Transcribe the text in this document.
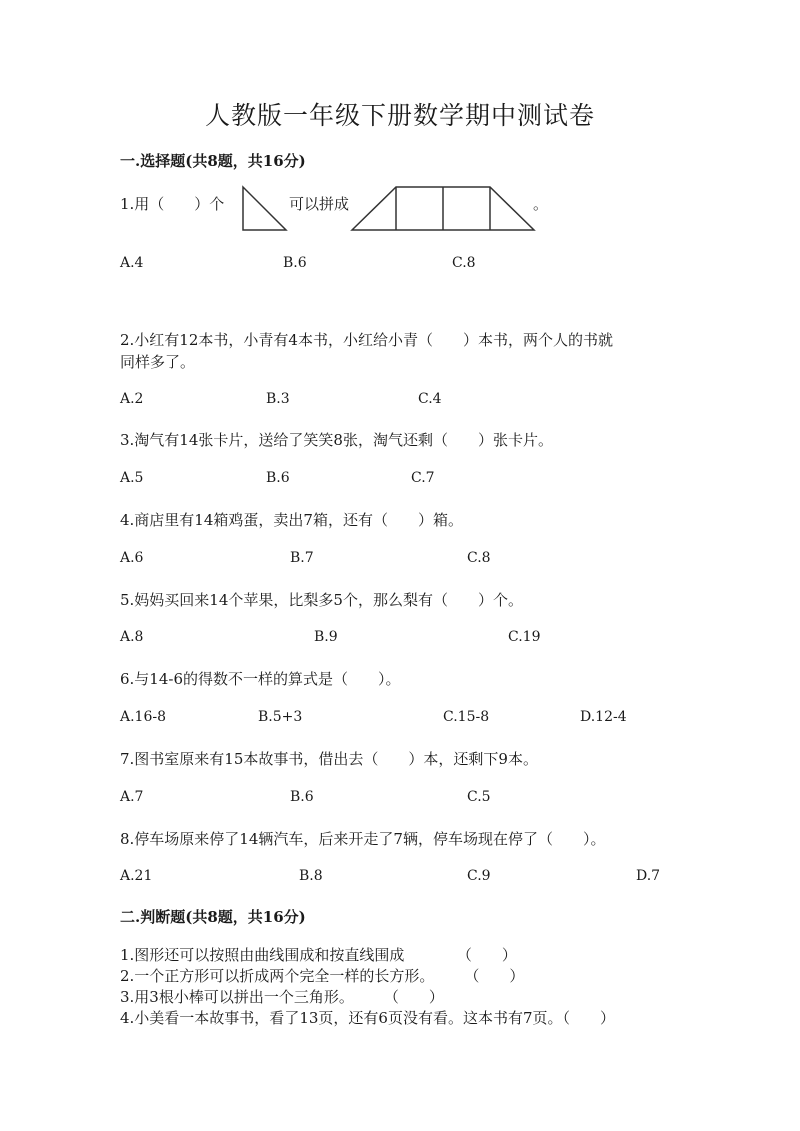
人教版一年级下册数学期中测试卷
一.选择题(共8题，共16分)
1.用（　　）个	可以拼成	。
A.4	B.6	C.8
2.小红有12本书，小青有4本书，小红给小青（　　）本书，两个人的书就
同样多了。
A.2	B.3	C.4
3.淘气有14张卡片，送给了笑笑8张，淘气还剩（　　）张卡片。
A.5	B.6	C.7
4.商店里有14箱鸡蛋，卖出7箱，还有（　　）箱。
A.6	B.7	C.8
5.妈妈买回来14个苹果，比梨多5个，那么梨有（　　）个。
A.8	B.9	C.19
6.与14-6的得数不一样的算式是（　　）。
A.16-8	B.5+3	C.15-8	D.12-4
7.图书室原来有15本故事书，借出去（　　）本，还剩下9本。
A.7	B.6	C.5
8.停车场原来停了14辆汽车，后来开走了7辆，停车场现在停了（　　）。
A.21	B.8	C.9	D.7
二.判断题(共8题，共16分)
1.图形还可以按照由曲线围成和按直线围成　　　　（　　）
2.一个正方形可以折成两个完全一样的长方形。　　　（　　）
3.用3根小棒可以拼出一个三角形。　　　（　　）
4.小美看一本故事书，看了13页，还有6页没有看。这本书有7页。（　　）
